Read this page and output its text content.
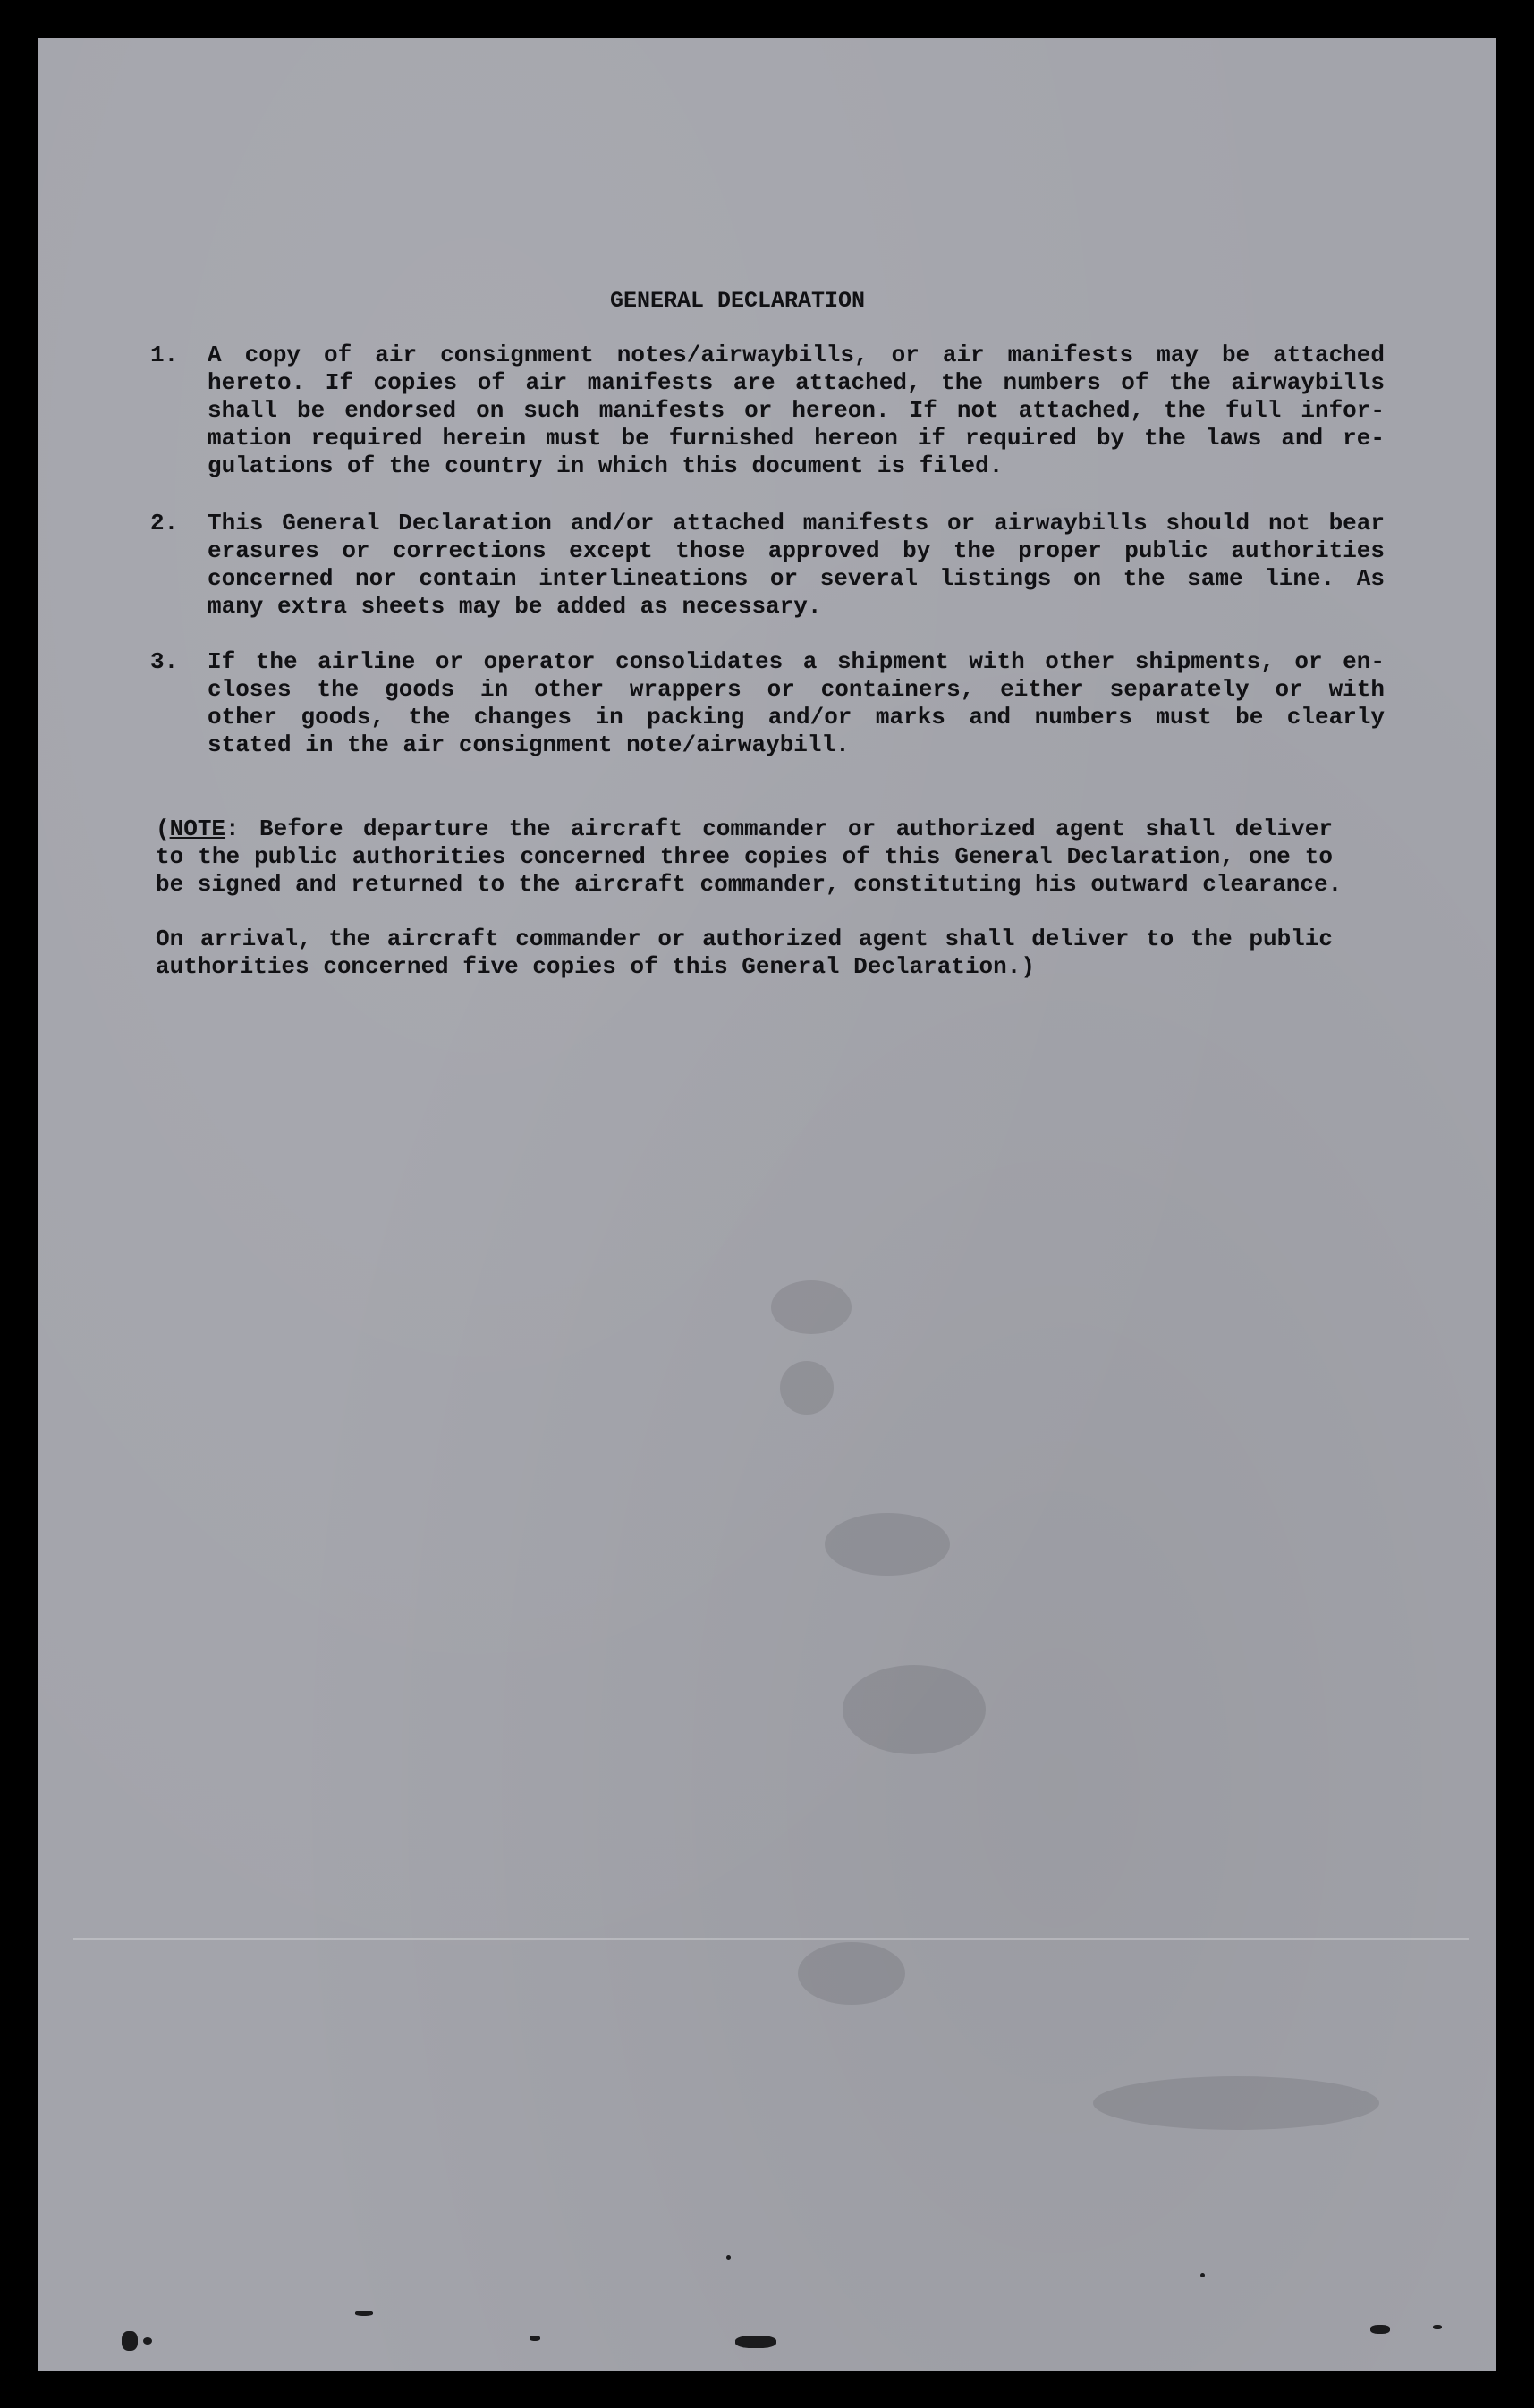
GENERAL DECLARATION
1. A copy of air consignment notes/airwaybills, or air manifests may be attached
hereto. If copies of air manifests are attached, the numbers of the airwaybills
shall be endorsed on such manifests or hereon. If not attached, the full infor-
mation required herein must be furnished hereon if required by the laws and re-
gulations of the country in which this document is filed.
2. This General Declaration and/or attached manifests or airwaybills should not bear
erasures or corrections except those approved by the proper public authorities
concerned nor contain interlineations or several listings on the same line. As
many extra sheets may be added as necessary.
3. If the airline or operator consolidates a shipment with other shipments, or en-
closes the goods in other wrappers or containers, either separately or with
other goods, the changes in packing and/or marks and numbers must be clearly
stated in the air consignment note/airwaybill.
(NOTE: Before departure the aircraft commander or authorized agent shall deliver
to the public authorities concerned three copies of this General Declaration, one to
be signed and returned to the aircraft commander, constituting his outward clearance.
On arrival, the aircraft commander or authorized agent shall deliver to the public
authorities concerned five copies of this General Declaration.)
